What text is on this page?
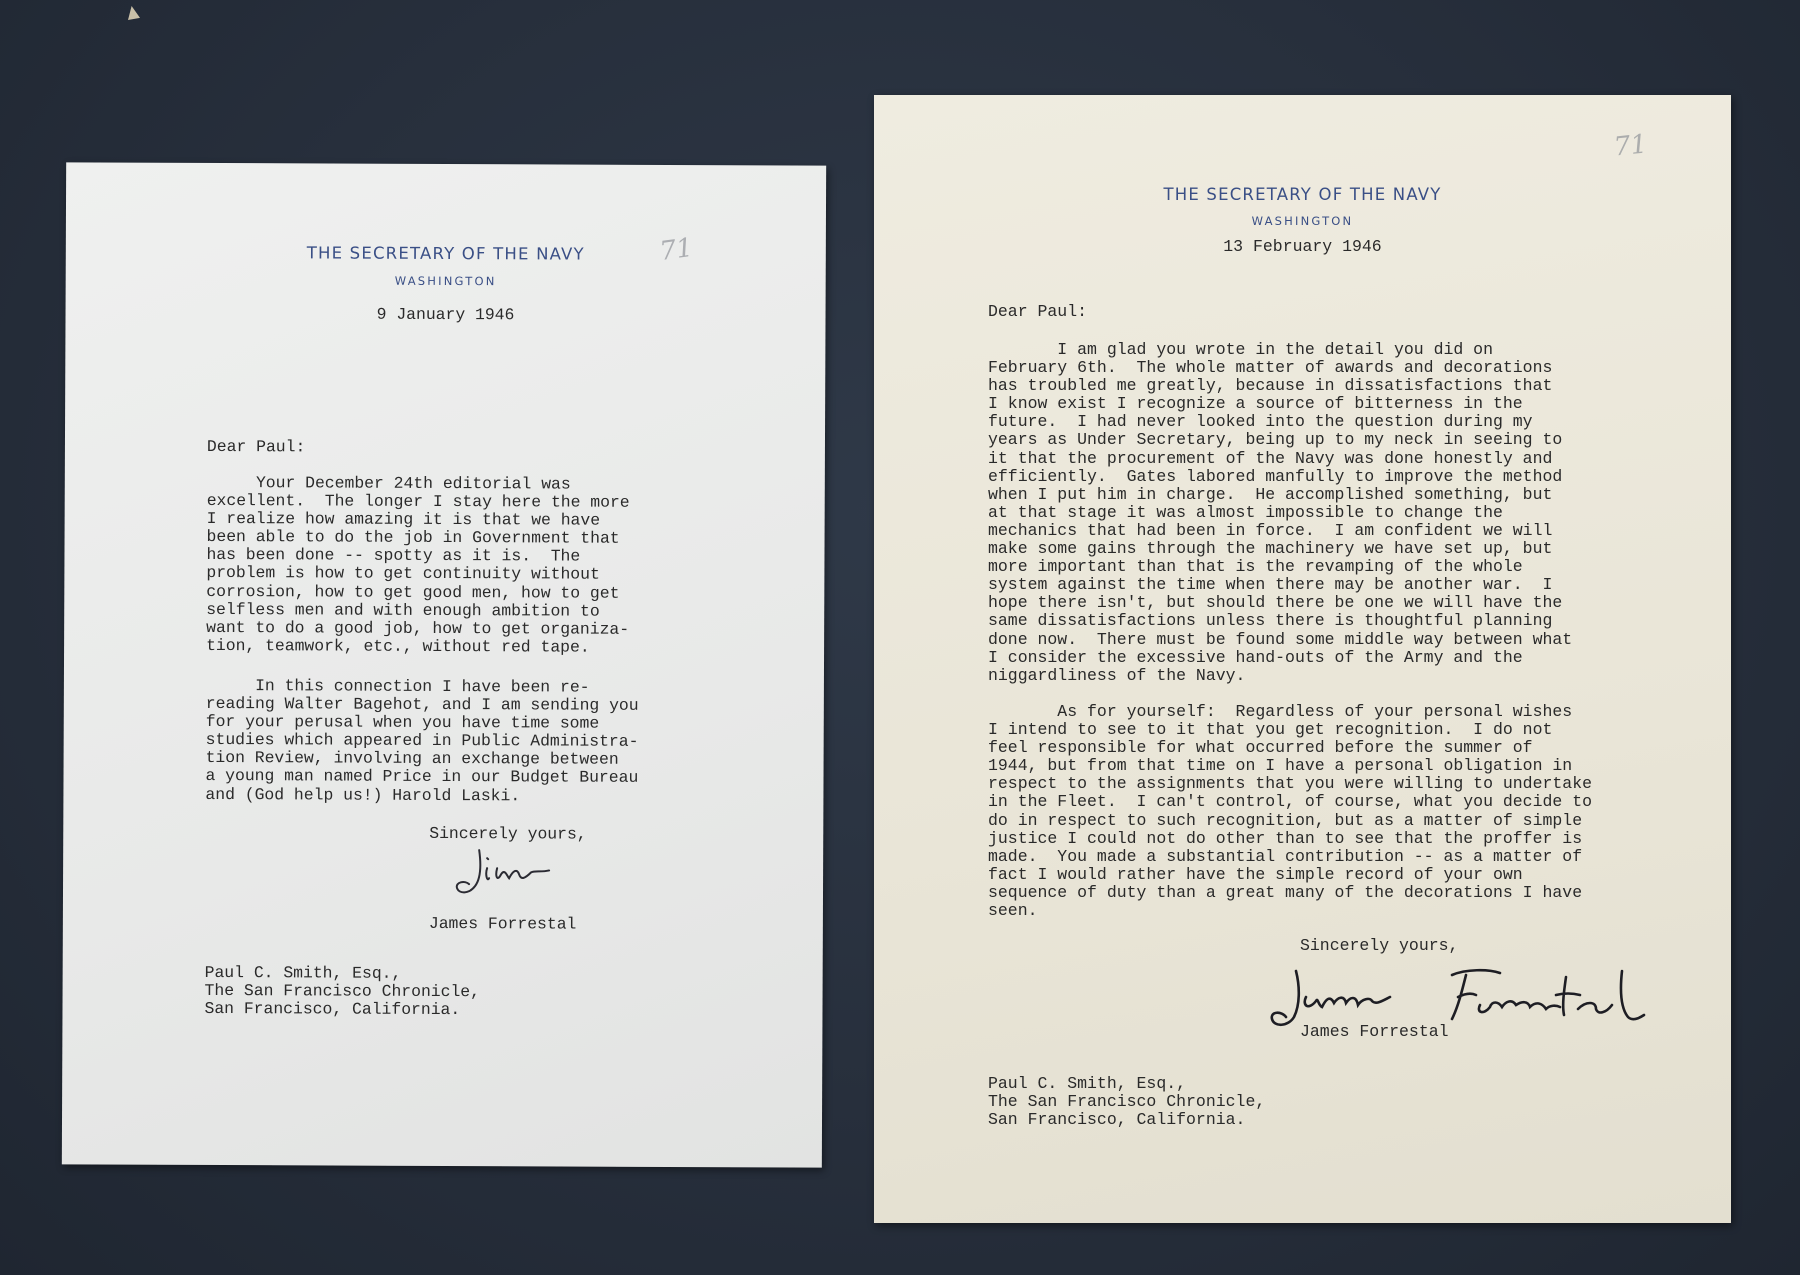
THE SECRETARY OF THE NAVY
WASHINGTON
71
9 January 1946
Dear Paul:
Your December 24th editorial was
excellent.  The longer I stay here the more
I realize how amazing it is that we have
been able to do the job in Government that
has been done -- spotty as it is.  The
problem is how to get continuity without
corrosion, how to get good men, how to get
selfless men and with enough ambition to
want to do a good job, how to get organiza-
tion, teamwork, etc., without red tape.
In this connection I have been re-
reading Walter Bagehot, and I am sending you
for your perusal when you have time some
studies which appeared in Public Administra-
tion Review, involving an exchange between
a young man named Price in our Budget Bureau
and (God help us!) Harold Laski.
Sincerely yours,
James Forrestal
Paul C. Smith, Esq.,
The San Francisco Chronicle,
San Francisco, California.
THE SECRETARY OF THE NAVY
WASHINGTON
71
13 February 1946
Dear Paul:
I am glad you wrote in the detail you did on
February 6th.  The whole matter of awards and decorations
has troubled me greatly, because in dissatisfactions that
I know exist I recognize a source of bitterness in the
future.  I had never looked into the question during my
years as Under Secretary, being up to my neck in seeing to
it that the procurement of the Navy was done honestly and
efficiently.  Gates labored manfully to improve the method
when I put him in charge.  He accomplished something, but
at that stage it was almost impossible to change the
mechanics that had been in force.  I am confident we will
make some gains through the machinery we have set up, but
more important than that is the revamping of the whole
system against the time when there may be another war.  I
hope there isn't, but should there be one we will have the
same dissatisfactions unless there is thoughtful planning
done now.  There must be found some middle way between what
I consider the excessive hand-outs of the Army and the
niggardliness of the Navy.
As for yourself:  Regardless of your personal wishes
I intend to see to it that you get recognition.  I do not
feel responsible for what occurred before the summer of
1944, but from that time on I have a personal obligation in
respect to the assignments that you were willing to undertake
in the Fleet.  I can't control, of course, what you decide to
do in respect to such recognition, but as a matter of simple
justice I could not do other than to see that the proffer is
made.  You made a substantial contribution -- as a matter of
fact I would rather have the simple record of your own
sequence of duty than a great many of the decorations I have
seen.
Sincerely yours,
James Forrestal
Paul C. Smith, Esq.,
The San Francisco Chronicle,
San Francisco, California.
